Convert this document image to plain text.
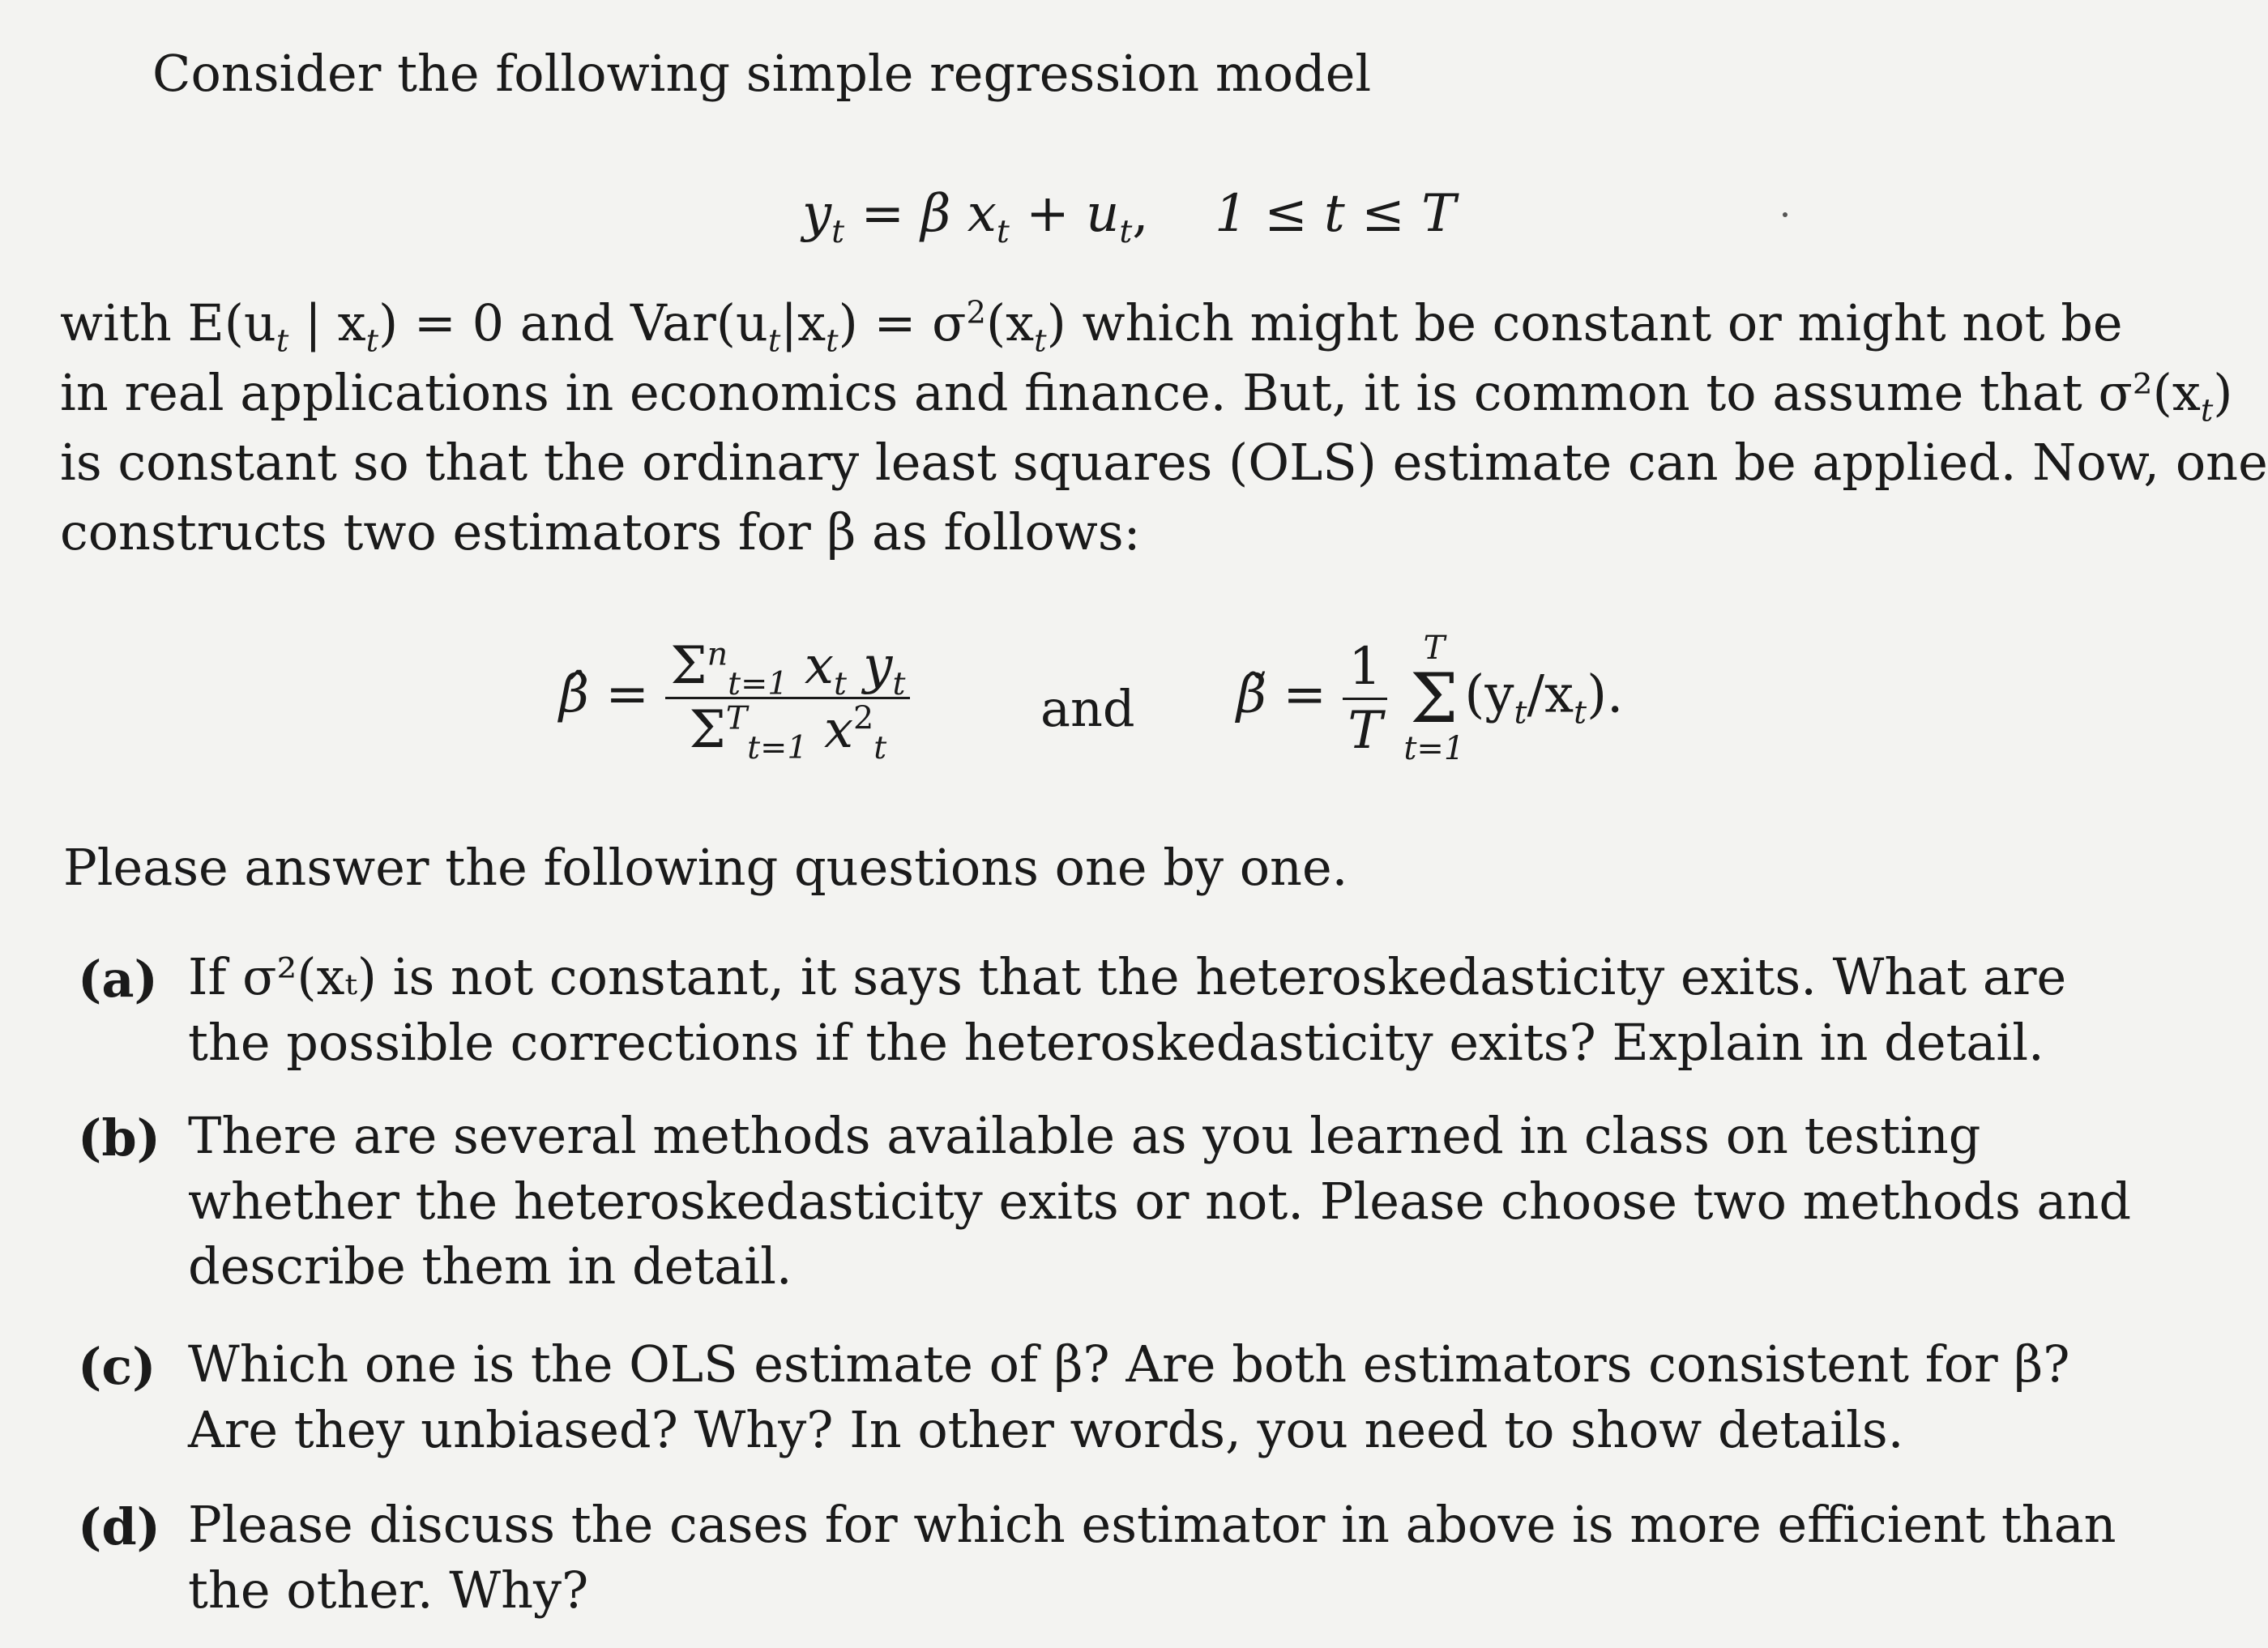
Consider the following simple regression model
$y_t = \beta$ $x_t + u_t$, 1 ≤ t ≤ T
with $E(u_t$ | $x_t) = 0$ and $Var(u_t|x_t) = \sigma^2(x_t)$ which might be constant or might not be
in real applications in economics and finance. But, it is common to assume that $\sigma^2(x_t)$
is constant so that the ordinary least squares (OLS) estimate can be applied. Now, one
constructs two estimators for β as follows:
β̂ = $\frac{\Sigma^n_{t=1} x_t y_t}{\Sigma^T_{t=1} x^2_t}$	and β̃ = $\frac{1}{T}$
	T
Σ
t=1
$(y_t/x_t)$.
Please answer the following questions one by one.
(a) If σ²(xₜ) is not constant, it says that the heteroskedasticity exits. What are the possible corrections if the heteroskedasticity exits? Explain in detail.
(b) There are several methods available as you learned in class on testing whether the heteroskedasticity exits or not. Please choose two methods and describe them in detail.
(c) Which one is the OLS estimate of β? Are both estimators consistent for β? Are they unbiased? Why? In other words, you need to show details.
(d) Please discuss the cases for which estimator in above is more efficient than the other. Why?
